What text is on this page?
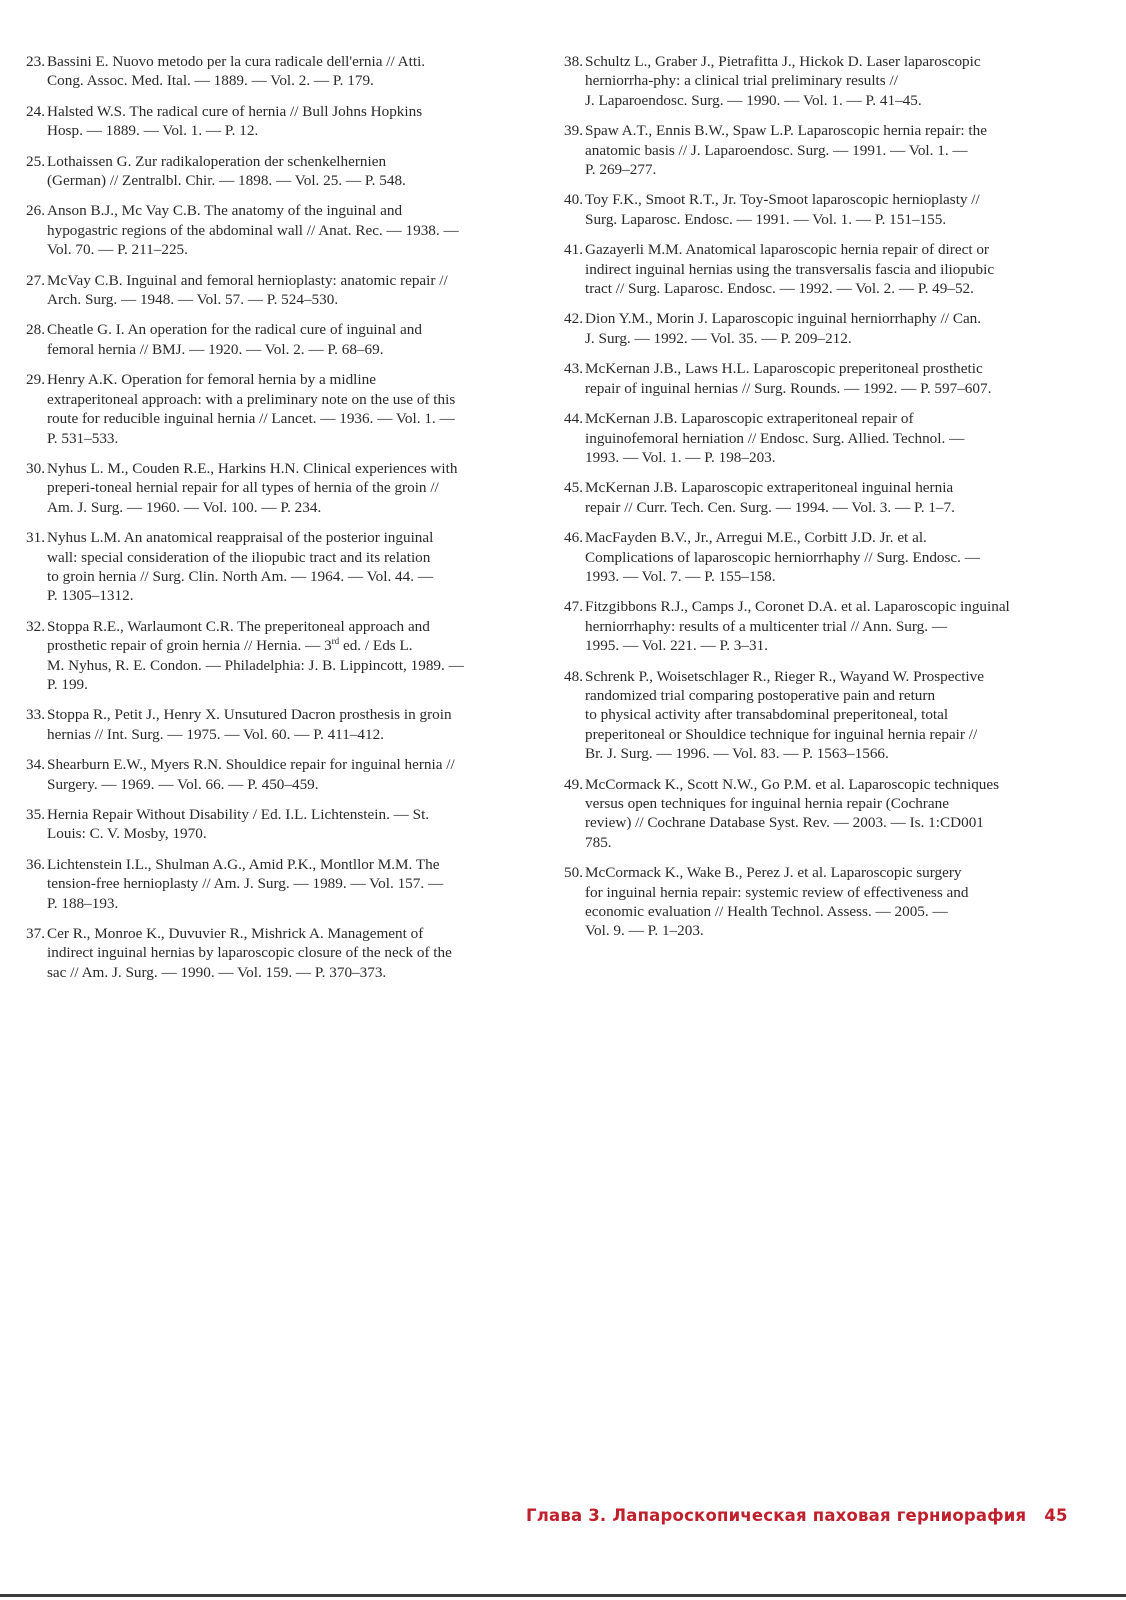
23. Bassini E. Nuovo metodo per la cura radicale dell'ernia // Atti.
Cong. Assoc. Med. Ital. — 1889. — Vol. 2. — P. 179.
24. Halsted W.S. The radical cure of hernia // Bull Johns Hopkins
Hosp. — 1889. — Vol. 1. — P. 12.
25. Lothaissen G. Zur radikaloperation der schenkelhernien
(German) // Zentralbl. Chir. — 1898. — Vol. 25. — P. 548.
26. Anson B.J., Mc Vay C.B. The anatomy of the inguinal and
hypogastric regions of the abdominal wall // Anat. Rec. — 1938. —
Vol. 70. — P. 211–225.
27. McVay C.B. Inguinal and femoral hernioplasty: anatomic repair //
Arch. Surg. — 1948. — Vol. 57. — P. 524–530.
28. Cheatle G. I. An operation for the radical cure of inguinal and
femoral hernia // BMJ. — 1920. — Vol. 2. — P. 68–69.
29. Henry A.K. Operation for femoral hernia by a midline
extraperitoneal approach: with a preliminary note on the use of this
route for reducible inguinal hernia // Lancet. — 1936. — Vol. 1. —
P. 531–533.
30. Nyhus L. M., Couden R.E., Harkins H.N. Clinical experiences with
preperi-toneal hernial repair for all types of hernia of the groin //
Am. J. Surg. — 1960. — Vol. 100. — P. 234.
31. Nyhus L.M. An anatomical reappraisal of the posterior inguinal
wall: special consideration of the iliopubic tract and its relation
to groin hernia // Surg. Clin. North Am. — 1964. — Vol. 44. —
P. 1305–1312.
32. Stoppa R.E., Warlaumont C.R. The preperitoneal approach and
prosthetic repair of groin hernia // Hernia. — 3rd ed. / Eds L.
M. Nyhus, R. E. Condon. — Philadelphia: J. B. Lippincott, 1989. —
P. 199.
33. Stoppa R., Petit J., Henry X. Unsutured Dacron prosthesis in groin
hernias // Int. Surg. — 1975. — Vol. 60. — P. 411–412.
34. Shearburn E.W., Myers R.N. Shouldice repair for inguinal hernia //
Surgery. — 1969. — Vol. 66. — P. 450–459.
35. Hernia Repair Without Disability / Ed. I.L. Lichtenstein. — St.
Louis: C. V. Mosby, 1970.
36. Lichtenstein I.L., Shulman A.G., Amid P.K., Montllor M.M. The
tension-free hernioplasty // Am. J. Surg. — 1989. — Vol. 157. —
P. 188–193.
37. Cer R., Monroe K., Duvuvier R., Mishrick A. Management of
indirect inguinal hernias by laparoscopic closure of the neck of the
sac // Am. J. Surg. — 1990. — Vol. 159. — P. 370–373.
38. Schultz L., Graber J., Pietrafitta J., Hickok D. Laser laparoscopic
herniorrha-phy: a clinical trial preliminary results //
J. Laparoendosc. Surg. — 1990. — Vol. 1. — P. 41–45.
39. Spaw A.T., Ennis B.W., Spaw L.P. Laparoscopic hernia repair: the
anatomic basis // J. Laparoendosc. Surg. — 1991. — Vol. 1. —
P. 269–277.
40. Toy F.K., Smoot R.T., Jr. Toy-Smoot laparoscopic hernioplasty //
Surg. Laparosc. Endosc. — 1991. — Vol. 1. — P. 151–155.
41. Gazayerli M.M. Anatomical laparoscopic hernia repair of direct or
indirect inguinal hernias using the transversalis fascia and iliopubic
tract // Surg. Laparosc. Endosc. — 1992. — Vol. 2. — P. 49–52.
42. Dion Y.M., Morin J. Laparoscopic inguinal herniorrhaphy // Can.
J. Surg. — 1992. — Vol. 35. — P. 209–212.
43. McKernan J.B., Laws H.L. Laparoscopic preperitoneal prosthetic
repair of inguinal hernias // Surg. Rounds. — 1992. — P. 597–607.
44. McKernan J.B. Laparoscopic extraperitoneal repair of
inguinofemoral herniation // Endosc. Surg. Allied. Technol. —
1993. — Vol. 1. — P. 198–203.
45. McKernan J.B. Laparoscopic extraperitoneal inguinal hernia
repair // Curr. Tech. Cen. Surg. — 1994. — Vol. 3. — P. 1–7.
46. MacFayden B.V., Jr., Arregui M.E., Corbitt J.D. Jr. et al.
Complications of laparoscopic herniorrhaphy // Surg. Endosc. —
1993. — Vol. 7. — P. 155–158.
47. Fitzgibbons R.J., Camps J., Coronet D.A. et al. Laparoscopic inguinal
herniorrhaphy: results of a multicenter trial // Ann. Surg. —
1995. — Vol. 221. — P. 3–31.
48. Schrenk P., Woisetschlager R., Rieger R., Wayand W. Prospective
randomized trial comparing postoperative pain and return
to physical activity after transabdominal preperitoneal, total
preperitoneal or Shouldice technique for inguinal hernia repair //
Br. J. Surg. — 1996. — Vol. 83. — P. 1563–1566.
49. McCormack K., Scott N.W., Go P.M. et al. Laparoscopic techniques
versus open techniques for inguinal hernia repair (Cochrane
review) // Cochrane Database Syst. Rev. — 2003. — Is. 1:CD001
785.
50. McCormack K., Wake B., Perez J. et al. Laparoscopic surgery
for inguinal hernia repair: systemic review of effectiveness and
economic evaluation // Health Technol. Assess. — 2005. —
Vol. 9. — P. 1–203.
Глава 3. Лапароскопическая паховая герниорафия 45
